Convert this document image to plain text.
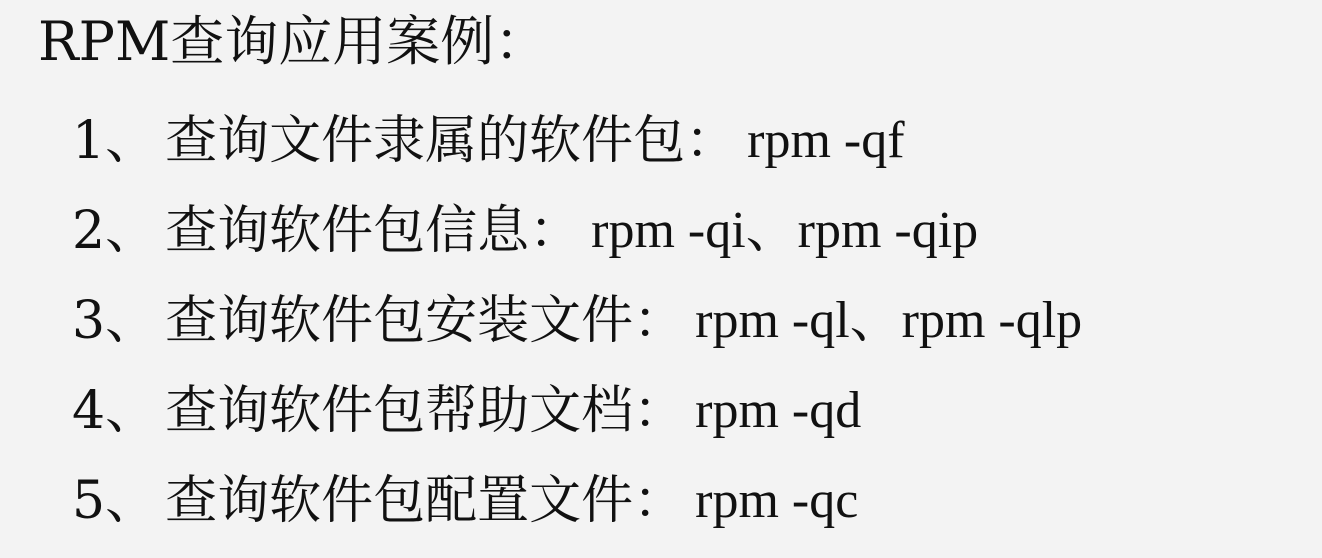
RPM查询应用案例：
1 、 查询文件隶属的软件包： rpm -qf
2 、 查询软件包信息： rpm -qi、rpm -qip
3 、 查询软件包安装文件： rpm -ql、rpm -qlp
4 、 查询软件包帮助文档： rpm -qd
5 、 查询软件包配置文件： rpm -qc
